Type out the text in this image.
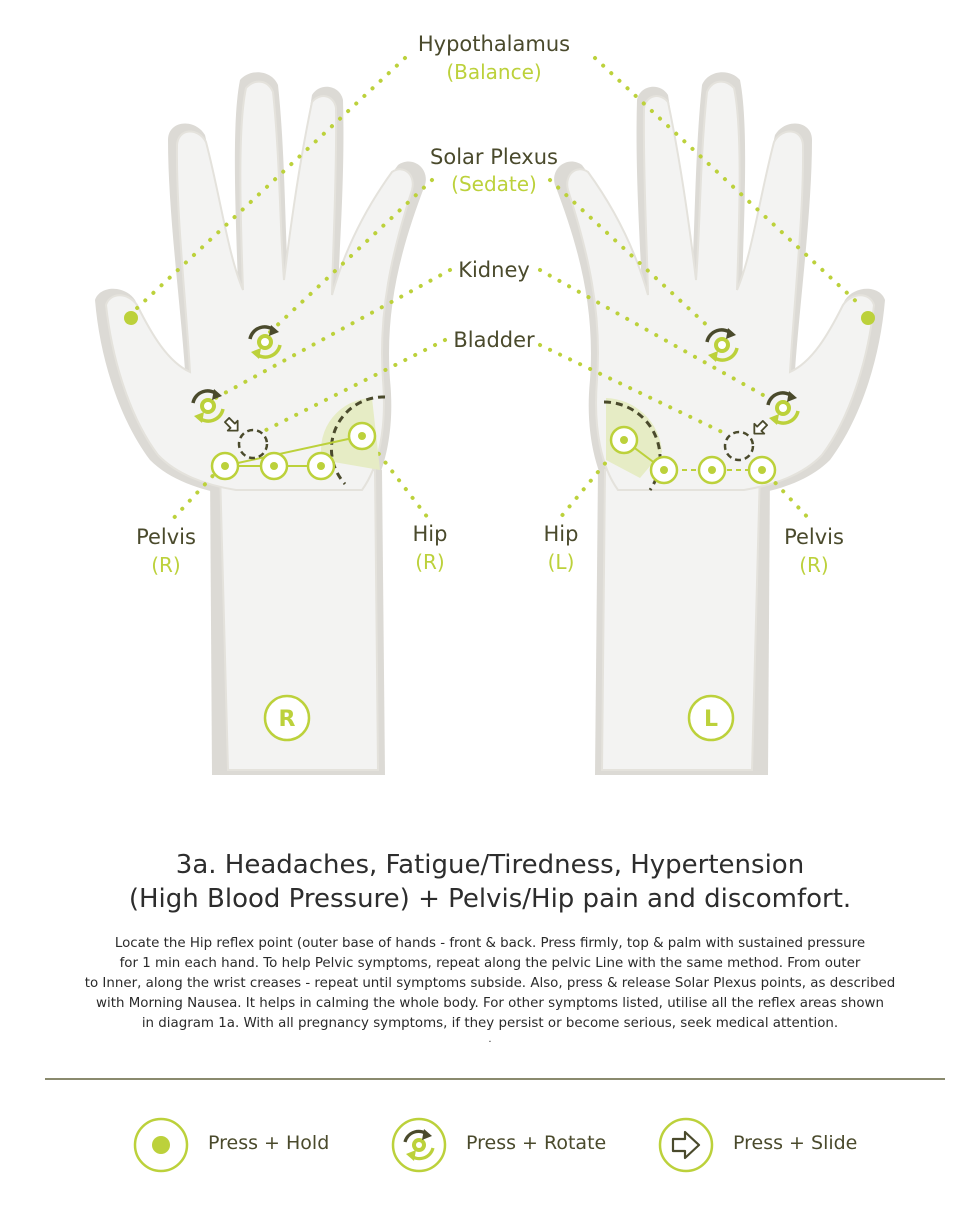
R	L
Hypothalamus
(Balance)
Solar Plexus
(Sedate)
Kidney
Bladder
Pelvis
(R)
Hip
(R)
Hip
(L)
Pelvis
(R)
3a. Headaches, Fatigue/Tiredness, Hypertension
(High Blood Pressure) + Pelvis/Hip pain and discomfort.
Locate the Hip reflex point (outer base of hands - front & back. Press firmly, top & palm with sustained pressure
for 1 min each hand. To help Pelvic symptoms, repeat along the pelvic Line with the same method. From outer
to Inner, along the wrist creases - repeat until symptoms subside. Also, press & release Solar Plexus points, as described
with Morning Nausea. It helps in calming the whole body. For other symptoms listed, utilise all the reflex areas shown
in diagram 1a. With all pregnancy symptoms, if they persist or become serious, seek medical attention.
.
Press + Hold	Press + Rotate	Press + Slide
